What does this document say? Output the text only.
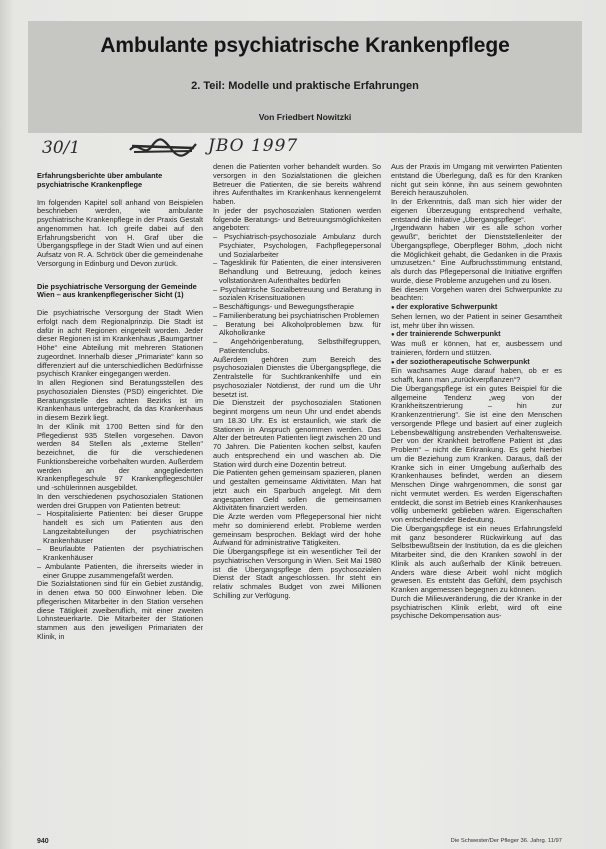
Ambulante psychiatrische Krankenpflege
2. Teil: Modelle und praktische Erfahrungen
Von Friedbert Nowitzki
30/1	JBO 1997

Erfahrungsberichte über ambulante psychiatrische Krankenpflege

Im folgenden Kapitel soll anhand von Beispielen beschrieben werden, wie ambulante psychiatrische Krankenpflege in der Praxis Gestalt angenommen hat. Ich greife dabei auf den Erfahrungsbericht von H. Graf über die Übergangspflege in der Stadt Wien und auf einen Aufsatz von R. A. Schröck über die gemeindenahe Versorgung in Edinburg und Devon zurück.

Die psychiatrische Versorgung der Gemeinde Wien – aus krankenpflegerischer Sicht (1)

Die psychiatrische Versorgung der Stadt Wien erfolgt nach dem Regionalprinzip. Die Stadt ist dafür in acht Regionen eingeteilt worden. Jeder dieser Regionen ist im Krankenhaus „Baumgartner Höhe“ eine Abteilung mit mehreren Stationen zugeordnet. Innerhalb dieser „Primariate“ kann so differenziert auf die unterschiedlichen Bedürfnisse psychisch Kranker eingegangen werden.

In allen Regionen sind Beratungsstellen des psychosozialen Dienstes (PSD) eingerichtet. Die Beratungsstelle des achten Bezirks ist im Krankenhaus untergebracht, da das Krankenhaus in diesem Bezirk liegt.

In der Klinik mit 1700 Betten sind für den Pflegedienst 935 Stellen vorgesehen. Davon werden 84 Stellen als „externe Stellen“ bezeichnet, die für die verschiedenen Funktionsbereiche vorbehalten wurden. Außerdem werden an der angegliederten Krankenpflegeschule 97 Krankenpflegeschüler und -schülerinnen ausgebildet.

In den verschiedenen psychosozialen Stationen werden drei Gruppen von Patienten betreut:

– Hospitalisierte Patienten: bei dieser Gruppe handelt es sich um Patienten aus den Langzeitabteilungen der psychiatrischen Krankenhäuser

– Beurlaubte Patienten der psychiatrischen Krankenhäuser

– Ambulante Patienten, die ihrerseits wieder in einer Gruppe zusammengefaßt werden.

Die Sozialstationen sind für ein Gebiet zuständig, in denen etwa 50 000 Einwohner leben. Die pflegerischen Mitarbeiter in den Station versehen diese Tätigkeit zweiberuflich, mit einer zweiten Lohnsteuerkarte. Die Mitarbeiter der Stationen stammen aus den jeweiligen Primariaten der Klinik, in

denen die Patienten vorher behandelt wurden. So versorgen in den Sozialstationen die gleichen Betreuer die Patienten, die sie bereits während ihres Aufenthaltes im Krankenhaus kennengelernt haben.

In jeder der psychosozialen Stationen werden folgende Beratungs- und Betreuungsmöglichkeiten angeboten:

– Psychiatrisch-psychosoziale Ambulanz durch Psychiater, Psychologen, Fachpflegepersonal und Sozialarbeiter

– Tagesklinik für Patienten, die einer intensiveren Behandlung und Betreuung, jedoch keines vollstationären Aufenthaltes bedürfen

– Psychiatrische Sozialbetreuung und Beratung in sozialen Krisensituationen

– Beschäftigungs- und Bewegungstherapie

– Familienberatung bei psychiatrischen Problemen

– Beratung bei Alkoholproblemen bzw. für Alkoholkranke

– Angehörigenberatung, Selbsthilfegruppen, Patientenclubs.

Außerdem gehören zum Bereich des psychosozialen Dienstes die Übergangspflege, die Zentralstelle für Suchtkrankenhilfe und ein psychosozialer Notdienst, der rund um die Uhr besetzt ist.

Die Dienstzeit der psychosozialen Stationen beginnt morgens um neun Uhr und endet abends um 18.30 Uhr. Es ist erstaunlich, wie stark die Stationen in Anspruch genommen werden. Das Alter der betreuten Patienten liegt zwischen 20 und 70 Jahren. Die Patienten kochen selbst, kaufen auch entsprechend ein und waschen ab. Die Station wird durch eine Dozentin betreut.

Die Patienten gehen gemeinsam spazieren, planen und gestalten gemeinsame Aktivitäten. Man hat jetzt auch ein Sparbuch angelegt. Mit dem angesparten Geld sollen die gemeinsamen Aktivitäten finanziert werden.

Die Ärzte werden vom Pflegepersonal hier nicht mehr so dominierend erlebt. Probleme werden gemeinsam besprochen. Beklagt wird der hohe Aufwand für administrative Tätigkeiten.

Die Übergangspflege ist ein wesentlicher Teil der psychiatrischen Versorgung in Wien. Seit Mai 1980 ist die Übergangspflege dem psychosozialen Dienst der Stadt angeschlossen. Ihr steht ein relativ schmales Budget von zwei Millionen Schilling zur Verfügung.

Aus der Praxis im Umgang mit verwirrten Patienten entstand die Überlegung, daß es für den Kranken nicht gut sein könne, ihn aus seinem gewohnten Bereich herauszuholen.

In der Erkenntnis, daß man sich hier wider der eigenen Überzeugung entsprechend verhalte, entstand die Initiative „Übergangspflege“.

„Irgendwann haben wir es alle schon vorher gewußt“, berichtet der Dienststellenleiter der Übergangspflege, Oberpfleger Böhm, „doch nicht die Möglichkeit gehabt, die Gedanken in die Praxis umzusetzen.“ Eine Aufbruchsstimmung entstand, als durch das Pflegepersonal die Initiative ergriffen wurde, diese Probleme anzugehen und zu lösen.

Bei diesem Vorgehen waren drei Schwerpunkte zu beachten:

● der explorative Schwerpunkt

Sehen lernen, wo der Patient in seiner Gesamtheit ist, mehr über ihn wissen.

● der trainierende Schwerpunkt

Was muß er können, hat er, ausbessern und trainieren, fördern und stützen.

● der soziotherapeutische Schwerpunkt

Ein wachsames Auge darauf haben, ob er es schafft, kann man „zurückverpflanzen“?

Die Übergangspflege ist ein gutes Beispiel für die allgemeine Tendenz „weg von der Krankheitszentrierung – hin zur Krankenzentrierung“. Sie ist eine den Menschen versorgende Pflege und basiert auf einer zugleich Lebensbewältigung anstrebenden Verhaltensweise. Der von der Krankheit betroffene Patient ist „das Problem“ – nicht die Erkrankung. Es geht hierbei um die Beziehung zum Kranken. Daraus, daß der Kranke sich in einer Umgebung außerhalb des Krankenhauses befindet, werden an diesem Menschen Dinge wahrgenommen, die sonst gar nicht vermutet werden. Es werden Eigenschaften entdeckt, die sonst im Betrieb eines Krankenhauses völlig unbemerkt geblieben wären. Eigenschaften von entscheidender Bedeutung.

Die Übergangspflege ist ein neues Erfahrungsfeld mit ganz besonderer Rückwirkung auf das Selbstbewußtsein der Institution, da es die gleichen Mitarbeiter sind, die den Kranken sowohl in der Klinik als auch außerhalb der Klinik betreuen. Anders wäre diese Arbeit wohl nicht möglich gewesen. Es entsteht das Gefühl, dem psychisch Kranken angemessen begegnen zu können.

Durch die Milieuveränderung, die der Kranke in der psychiatrischen Klinik erlebt, wird oft eine psychische Dekompensation aus-

940	Die Schwester/Der Pfleger 36. Jahrg. 11/97
